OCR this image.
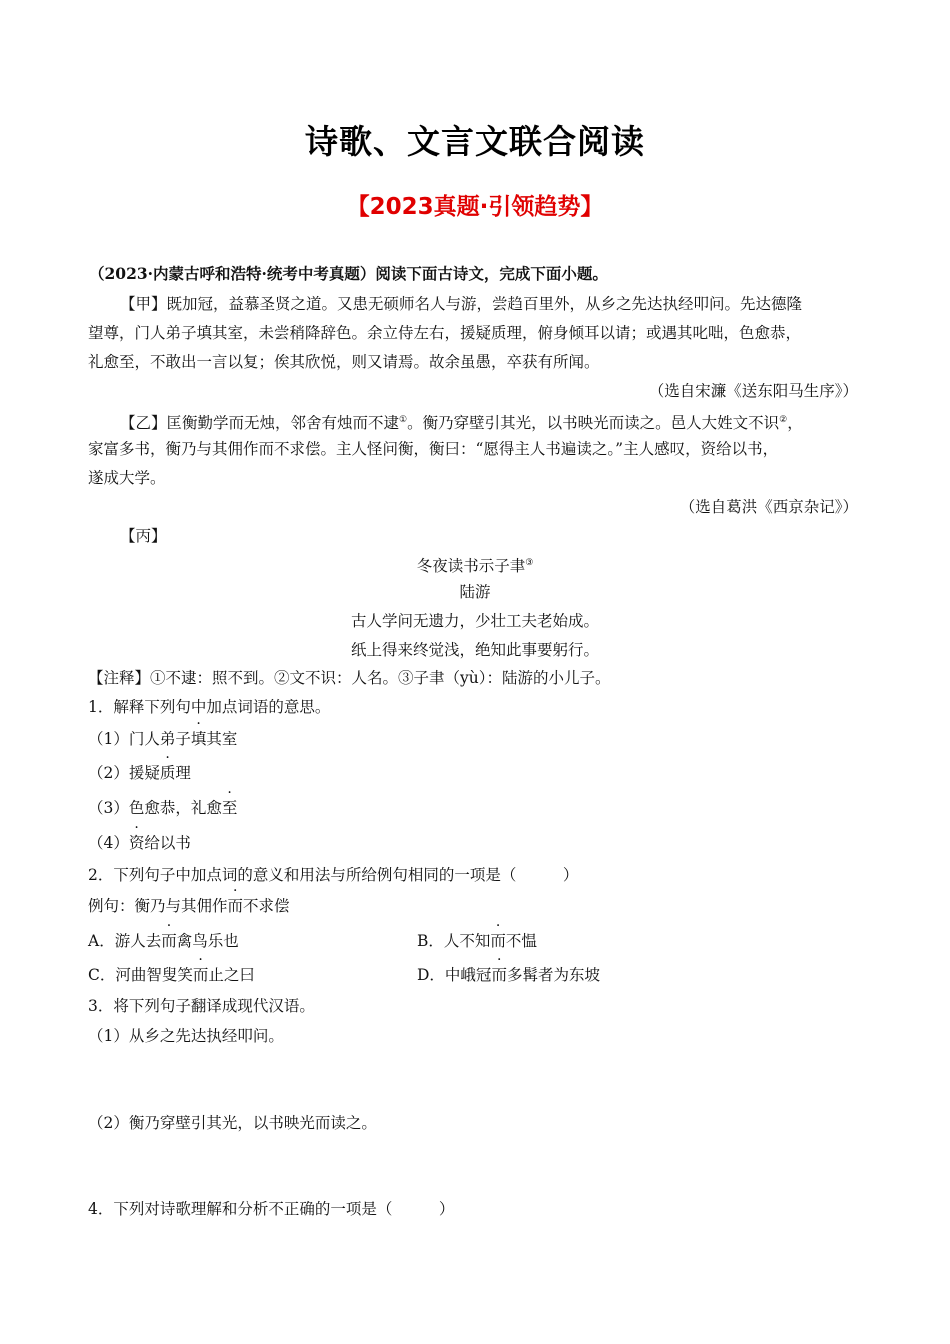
诗歌、文言文联合阅读
【2023真题·引领趋势】
（2023·内蒙古呼和浩特·统考中考真题）阅读下面古诗文，完成下面小题。
【甲】既加冠，益慕圣贤之道。又患无硕师名人与游，尝趋百里外，从乡之先达执经叩问。先达德隆
望尊，门人弟子填其室，未尝稍降辞色。余立侍左右，援疑质理，俯身倾耳以请；或遇其叱咄，色愈恭，
礼愈至，不敢出一言以复；俟其欣悦，则又请焉。故余虽愚，卒获有所闻。
（选自宋濂《送东阳马生序》）
【乙】匡衡勤学而无烛，邻舍有烛而不逮①。衡乃穿壁引其光，以书映光而读之。邑人大姓文不识②，
家富多书，衡乃与其佣作而不求偿。主人怪问衡，衡曰：“愿得主人书遍读之。”主人感叹，资给以书，
遂成大学。
（选自葛洪《西京杂记》）
【丙】
冬夜读书示子聿③
陆游
古人学问无遗力，少壮工夫老始成。
纸上得来终觉浅，绝知此事要躬行。
【注释】①不逮：照不到。②文不识：人名。③子聿（yù）：陆游的小儿子。
1．解释下列句中加点词语的意思。
（1）门人弟子填其室
（2）援疑质理
（3）色愈恭，礼愈至
（4）资给以书
2．下列句子中加点词的意义和用法与所给例句相同的一项是（　　　）
例句：衡乃与其佣作而不求偿
A．游人去而禽鸟乐也	B．人不知而不愠
C．河曲智叟笑而止之曰	D．中峨冠而多髯者为东坡
3．将下列句子翻译成现代汉语。
（1）从乡之先达执经叩问。
（2）衡乃穿壁引其光，以书映光而读之。
4．下列对诗歌理解和分析不正确的一项是（　　　）
